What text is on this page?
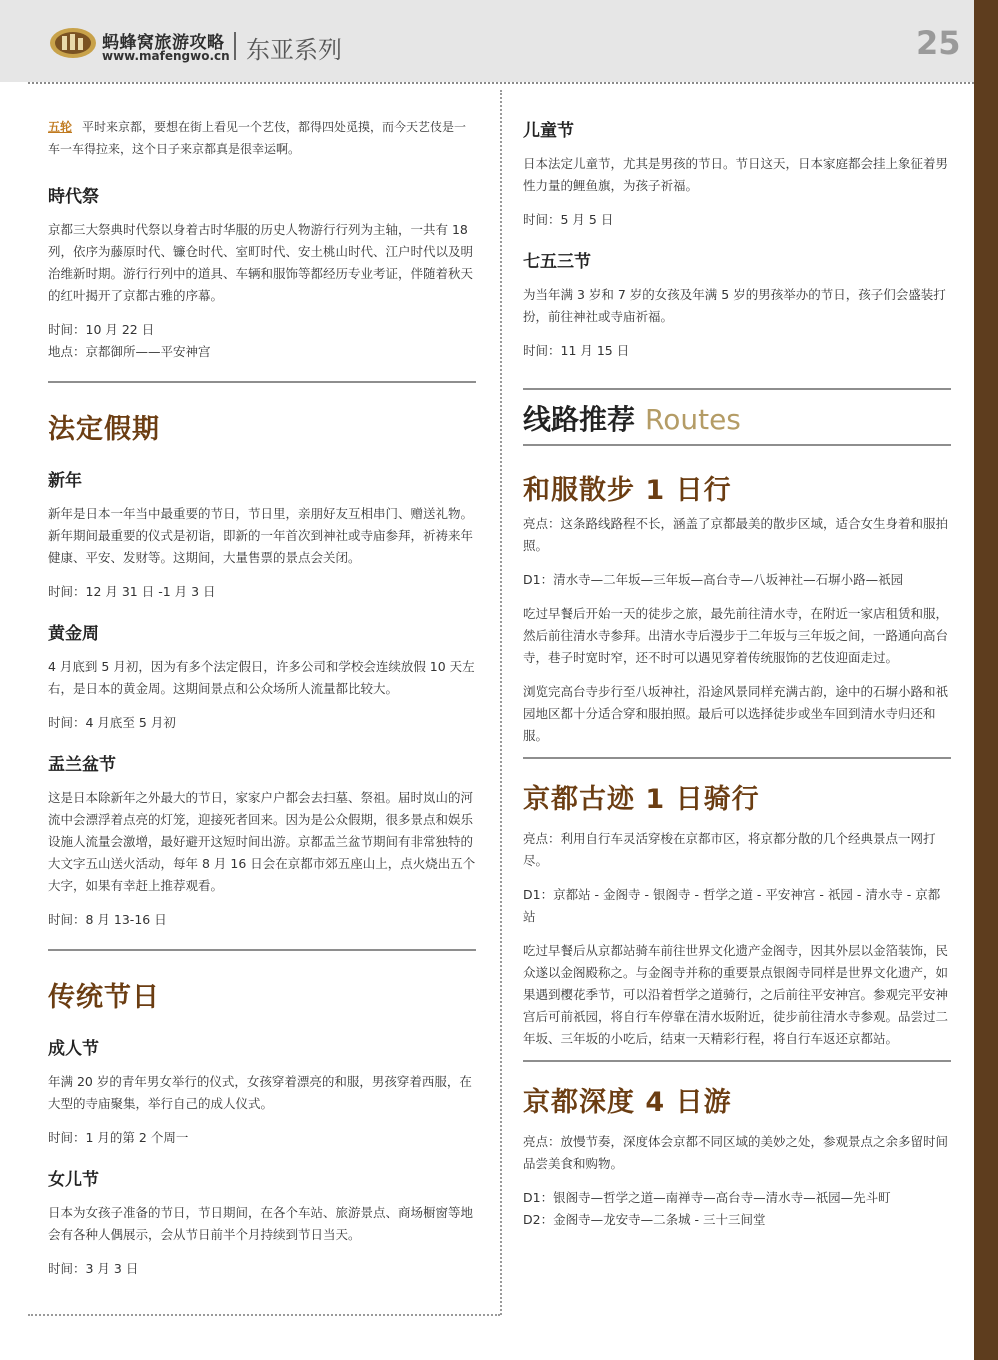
蚂蜂窝旅游攻略
www.mafengwo.cn 东亚系列	25

五轮 平时来京都，要想在街上看见一个艺伎，都得四处觅摸，而今天艺伎是一车一车得拉来，这个日子来京都真是很幸运啊。

時代祭

京都三大祭典时代祭以身着古时华服的历史人物游行行列为主轴，一共有 18 列，依序为藤原时代、镰仓时代、室町时代、安土桃山时代、江户时代以及明治维新时期。游行行列中的道具、车辆和服饰等都经历专业考证，伴随着秋天的红叶揭开了京都古雅的序幕。

时间：10 月 22 日

地点：京都御所——平安神宫

法定假期
新年

新年是日本一年当中最重要的节日，节日里，亲朋好友互相串门、赠送礼物。新年期间最重要的仪式是初诣，即新的一年首次到神社或寺庙参拜，祈祷来年健康、平安、发财等。这期间，大量售票的景点会关闭。

时间：12 月 31 日 -1 月 3 日

黄金周

4 月底到 5 月初，因为有多个法定假日，许多公司和学校会连续放假 10 天左右，是日本的黄金周。这期间景点和公众场所人流量都比较大。

时间：4 月底至 5 月初

盂兰盆节

这是日本除新年之外最大的节日，家家户户都会去扫墓、祭祖。届时岚山的河流中会漂浮着点亮的灯笼，迎接死者回来。因为是公众假期，很多景点和娱乐设施人流量会激增，最好避开这短时间出游。京都盂兰盆节期间有非常独特的大文字五山送火活动，每年 8 月 16 日会在京都市郊五座山上，点火烧出五个大字，如果有幸赶上推荐观看。

时间：8 月 13-16 日

传统节日
成人节

年满 20 岁的青年男女举行的仪式，女孩穿着漂亮的和服，男孩穿着西服，在大型的寺庙聚集，举行自己的成人仪式。

时间：1 月的第 2 个周一

女儿节

日本为女孩子准备的节日，节日期间，在各个车站、旅游景点、商场橱窗等地会有各种人偶展示，会从节日前半个月持续到节日当天。

时间：3 月 3 日

儿童节

日本法定儿童节，尤其是男孩的节日。节日这天，日本家庭都会挂上象征着男性力量的鲤鱼旗，为孩子祈福。

时间：5 月 5 日

七五三节

为当年满 3 岁和 7 岁的女孩及年满 5 岁的男孩举办的节日，孩子们会盛装打扮，前往神社或寺庙祈福。

时间：11 月 15 日

线路推荐 Routes
和服散步 1 日行

亮点：这条路线路程不长，涵盖了京都最美的散步区域，适合女生身着和服拍照。

D1：清水寺—二年坂—三年坂—高台寺—八坂神社—石塀小路—祇园

吃过早餐后开始一天的徒步之旅，最先前往清水寺，在附近一家店租赁和服，然后前往清水寺参拜。出清水寺后漫步于二年坂与三年坂之间，一路通向高台寺，巷子时宽时窄，还不时可以遇见穿着传统服饰的艺伎迎面走过。

浏览完高台寺步行至八坂神社，沿途风景同样充满古韵，途中的石塀小路和祇园地区都十分适合穿和服拍照。最后可以选择徒步或坐车回到清水寺归还和服。

京都古迹 1 日骑行

亮点：利用自行车灵活穿梭在京都市区，将京都分散的几个经典景点一网打尽。

D1：京都站 - 金阁寺 - 银阁寺 - 哲学之道 - 平安神宫 - 祇园 - 清水寺 - 京都站

吃过早餐后从京都站骑车前往世界文化遗产金阁寺，因其外层以金箔装饰，民众遂以金阁殿称之。与金阁寺并称的重要景点银阁寺同样是世界文化遗产，如果遇到樱花季节，可以沿着哲学之道骑行，之后前往平安神宫。参观完平安神宫后可前祇园，将自行车停靠在清水坂附近，徒步前往清水寺参观。品尝过二年坂、三年坂的小吃后，结束一天精彩行程，将自行车返还京都站。

京都深度 4 日游

亮点：放慢节奏，深度体会京都不同区域的美妙之处，参观景点之余多留时间品尝美食和购物。

D1：银阁寺—哲学之道—南禅寺—高台寺—清水寺—祇园—先斗町

D2：金阁寺—龙安寺—二条城 - 三十三间堂
